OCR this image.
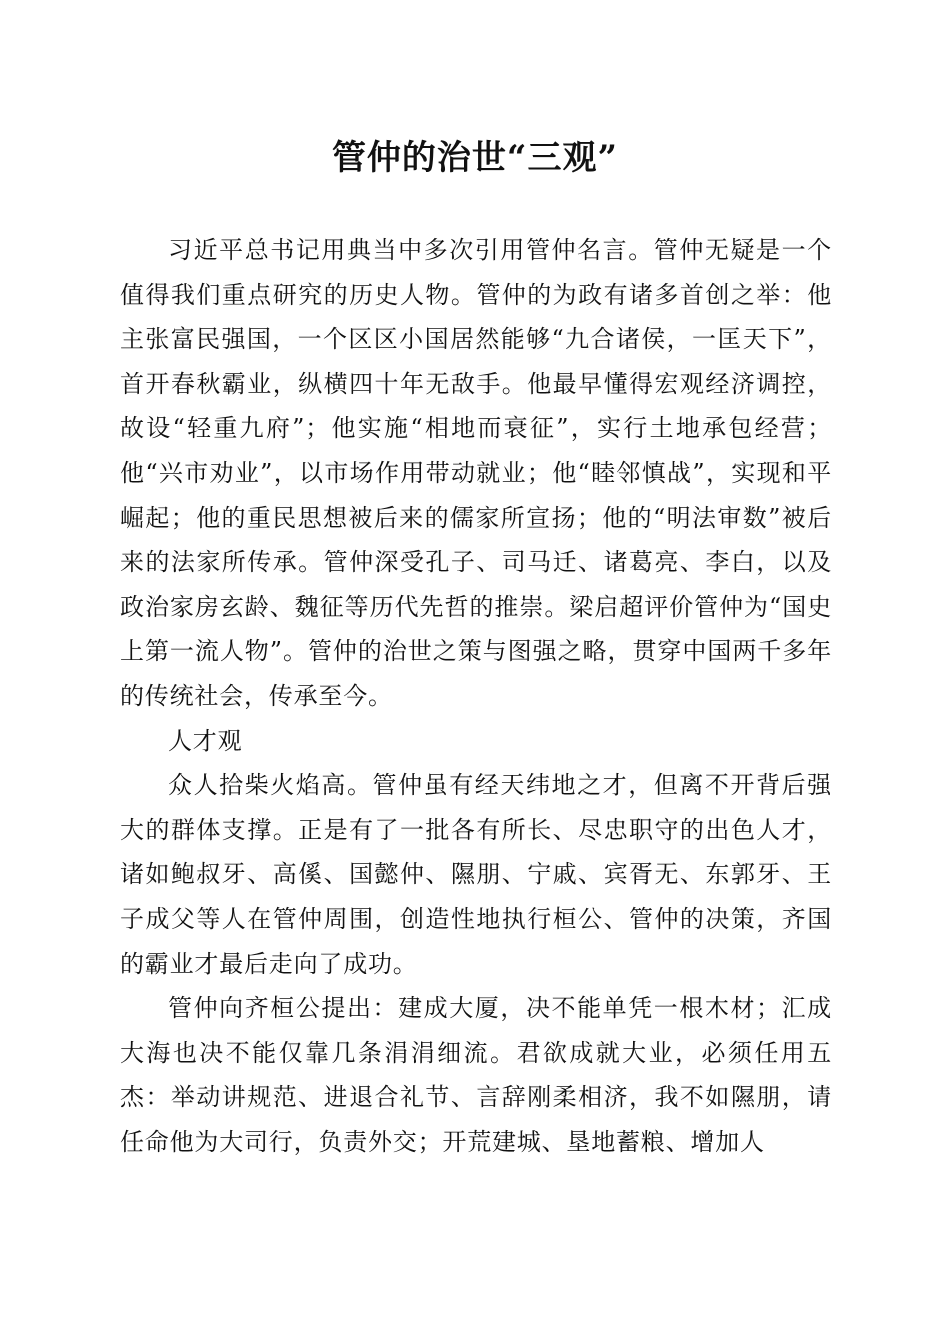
管仲的治世“三观”

习近平总书记用典当中多次引用管仲名言。管仲无疑是一个值得我们重点研究的历史人物。管仲的为政有诸多首创之举：他主张富民强国，一个区区小国居然能够“九合诸侯，一匡天下”，首开春秋霸业，纵横四十年无敌手。他最早懂得宏观经济调控，故设“轻重九府”；他实施“相地而衰征”，实行土地承包经营；他“兴市劝业”，以市场作用带动就业；他“睦邻慎战”，实现和平崛起；他的重民思想被后来的儒家所宣扬；他的“明法审数”被后来的法家所传承。管仲深受孔子、司马迁、诸葛亮、李白，以及政治家房玄龄、魏征等历代先哲的推崇。梁启超评价管仲为“国史上第一流人物”。管仲的治世之策与图强之略，贯穿中国两千多年的传统社会，传承至今。

人才观

众人拾柴火焰高。管仲虽有经天纬地之才，但离不开背后强大的群体支撑。正是有了一批各有所长、尽忠职守的出色人才，诸如鲍叔牙、高傒、国懿仲、隰朋、宁戚、宾胥无、东郭牙、王子成父等人在管仲周围，创造性地执行桓公、管仲的决策，齐国的霸业才最后走向了成功。

管仲向齐桓公提出：建成大厦，决不能单凭一根木材；汇成大海也决不能仅靠几条涓涓细流。君欲成就大业，必须任用五杰：举动讲规范、进退合礼节、言辞刚柔相济，我不如隰朋，请任命他为大司行，负责外交；开荒建城、垦地蓄粮、增加人
